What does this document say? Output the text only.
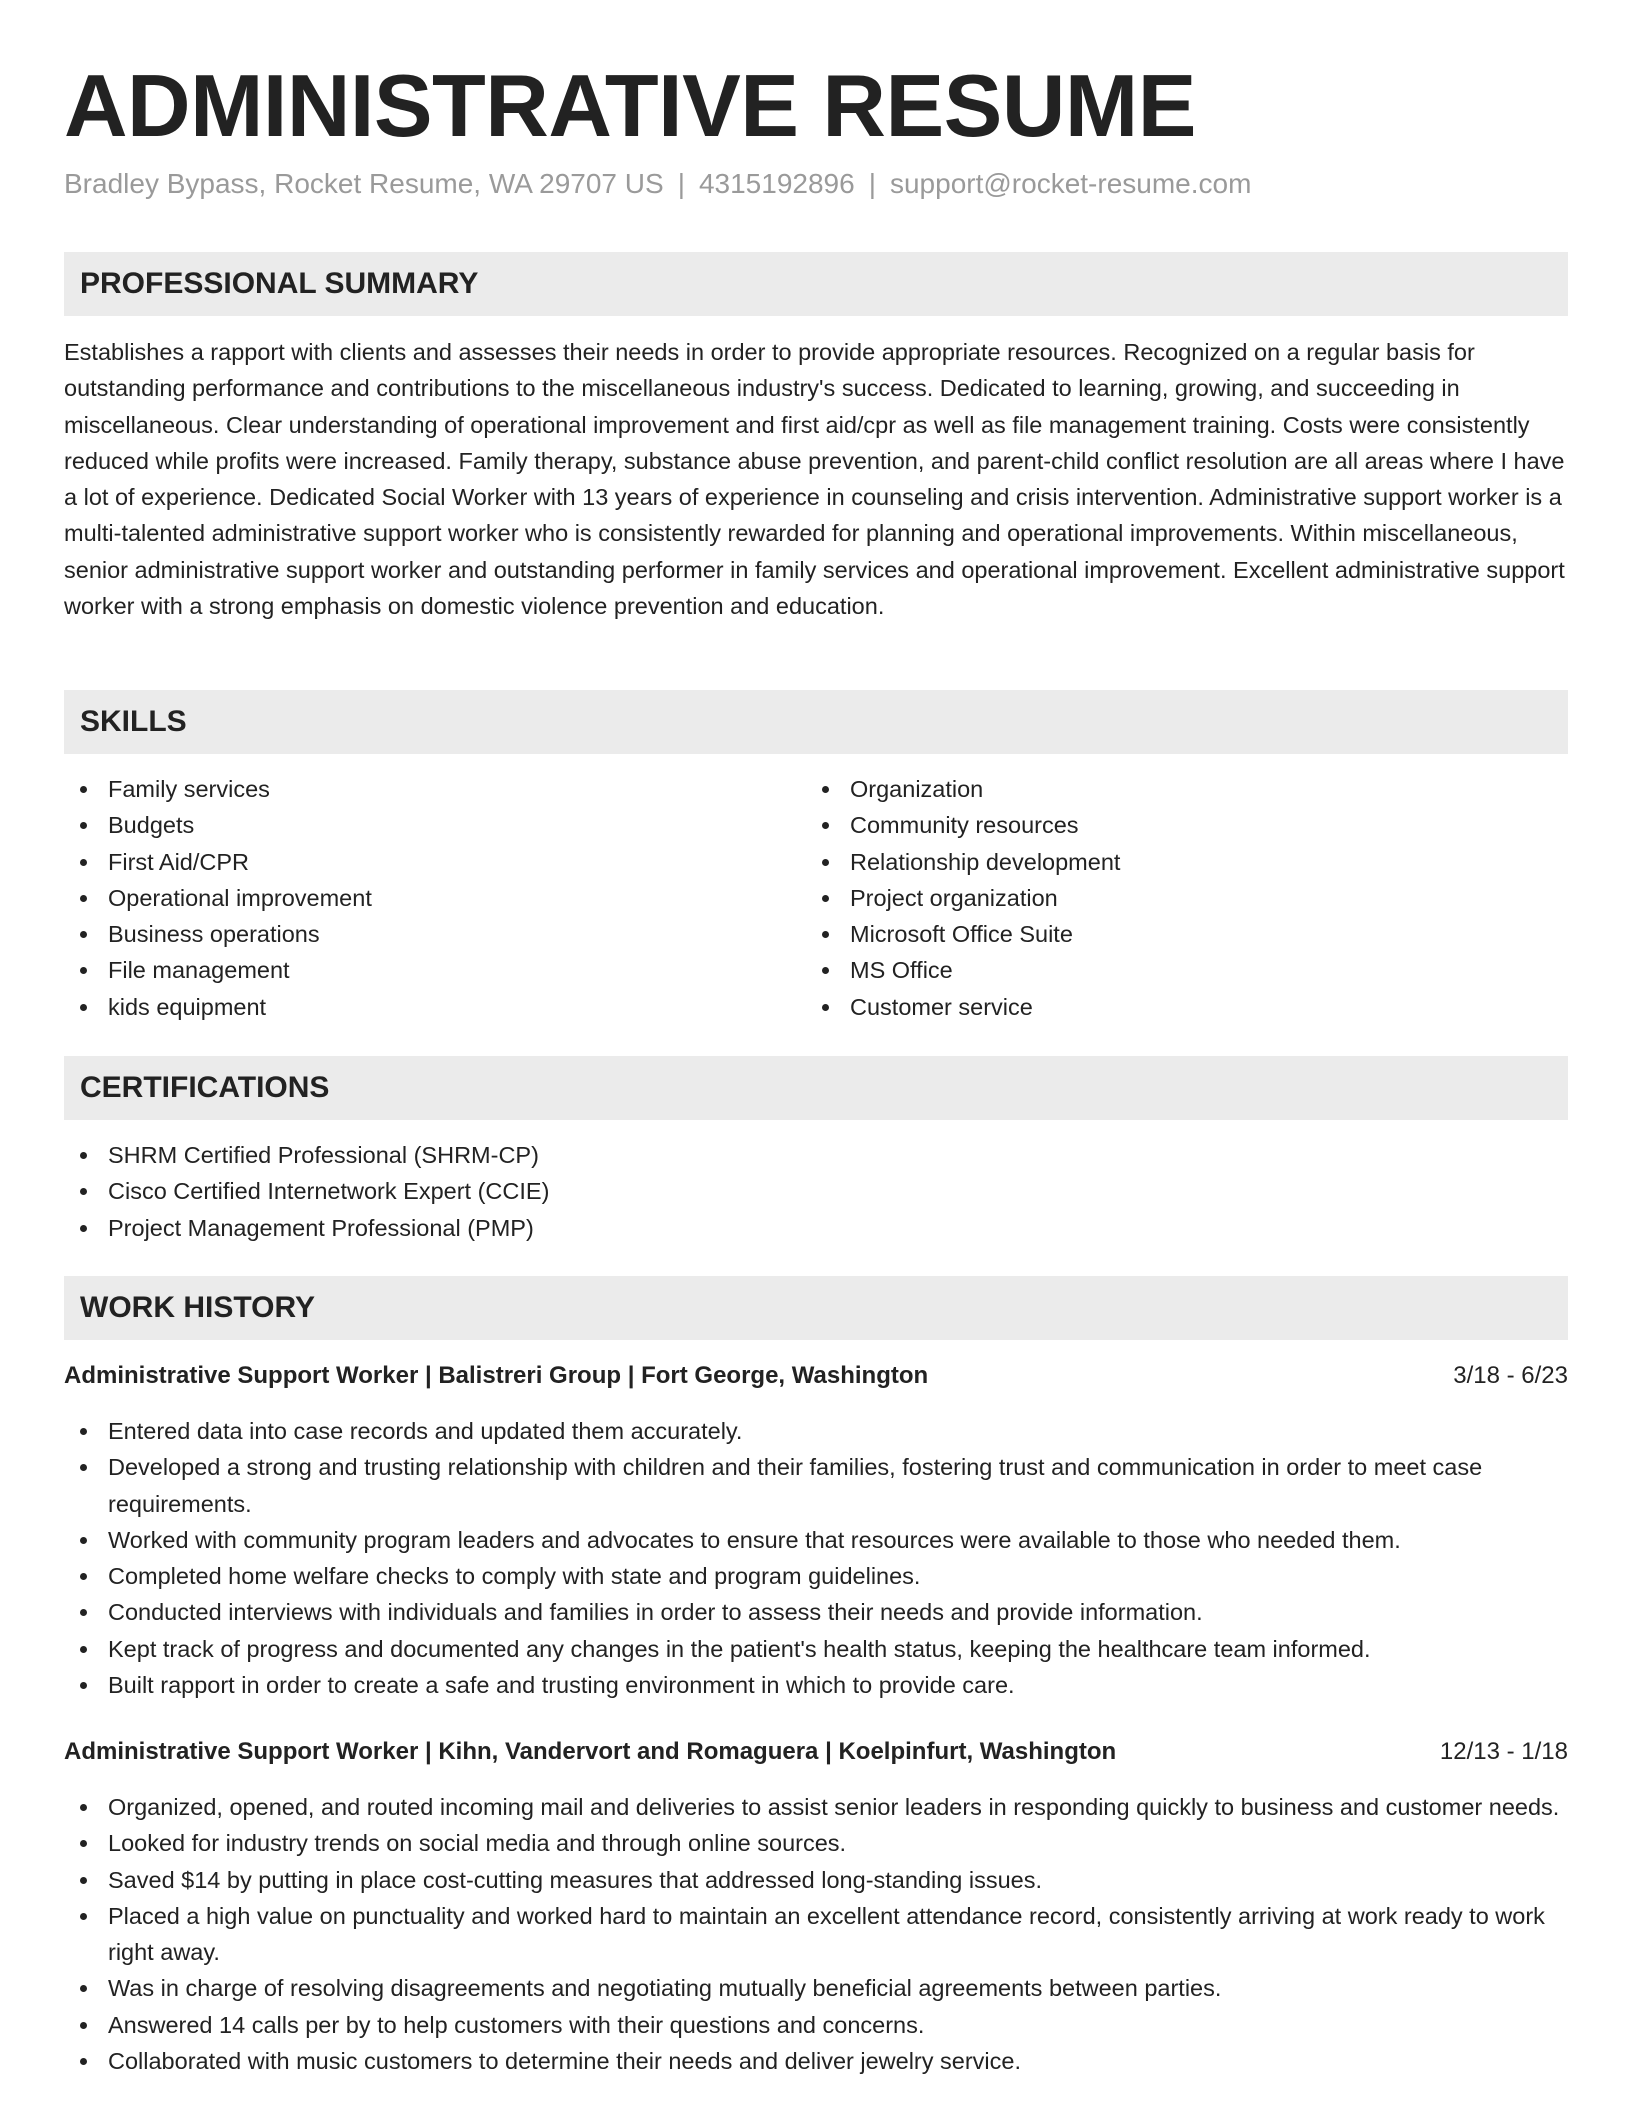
ADMINISTRATIVE RESUME
Bradley Bypass, Rocket Resume, WA 29707 US | 4315192896 | support@rocket-resume.com
PROFESSIONAL SUMMARY

Establishes a rapport with clients and assesses their needs in order to provide appropriate resources. Recognized on a regular basis for outstanding performance and contributions to the miscellaneous industry's success. Dedicated to learning, growing, and succeeding in miscellaneous. Clear understanding of operational improvement and first aid/cpr as well as file management training. Costs were consistently reduced while profits were increased. Family therapy, substance abuse prevention, and parent-child conflict resolution are all areas where I have a lot of experience. Dedicated Social Worker with 13 years of experience in counseling and crisis intervention. Administrative support worker is a multi-talented administrative support worker who is consistently rewarded for planning and operational improvements. Within miscellaneous, senior administrative support worker and outstanding performer in family services and operational improvement. Excellent administrative support worker with a strong emphasis on domestic violence prevention and education.

SKILLS
Family services
Budgets
First Aid/CPR
Operational improvement
Business operations
File management
kids equipment
Organization
Community resources
Relationship development
Project organization
Microsoft Office Suite
MS Office
Customer service
CERTIFICATIONS
SHRM Certified Professional (SHRM-CP)
Cisco Certified Internetwork Expert (CCIE)
Project Management Professional (PMP)
WORK HISTORY
Administrative Support Worker | Balistreri Group | Fort George, Washington	3/18 - 6/23
Entered data into case records and updated them accurately.
Developed a strong and trusting relationship with children and their families, fostering trust and communication in order to meet case requirements.
Worked with community program leaders and advocates to ensure that resources were available to those who needed them.
Completed home welfare checks to comply with state and program guidelines.
Conducted interviews with individuals and families in order to assess their needs and provide information.
Kept track of progress and documented any changes in the patient's health status, keeping the healthcare team informed.
Built rapport in order to create a safe and trusting environment in which to provide care.
Administrative Support Worker | Kihn, Vandervort and Romaguera | Koelpinfurt, Washington	12/13 - 1/18
Organized, opened, and routed incoming mail and deliveries to assist senior leaders in responding quickly to business and customer needs.
Looked for industry trends on social media and through online sources.
Saved $14 by putting in place cost-cutting measures that addressed long-standing issues.
Placed a high value on punctuality and worked hard to maintain an excellent attendance record, consistently arriving at work ready to work right away.
Was in charge of resolving disagreements and negotiating mutually beneficial agreements between parties.
Answered 14 calls per by to help customers with their questions and concerns.
Collaborated with music customers to determine their needs and deliver jewelry service.
